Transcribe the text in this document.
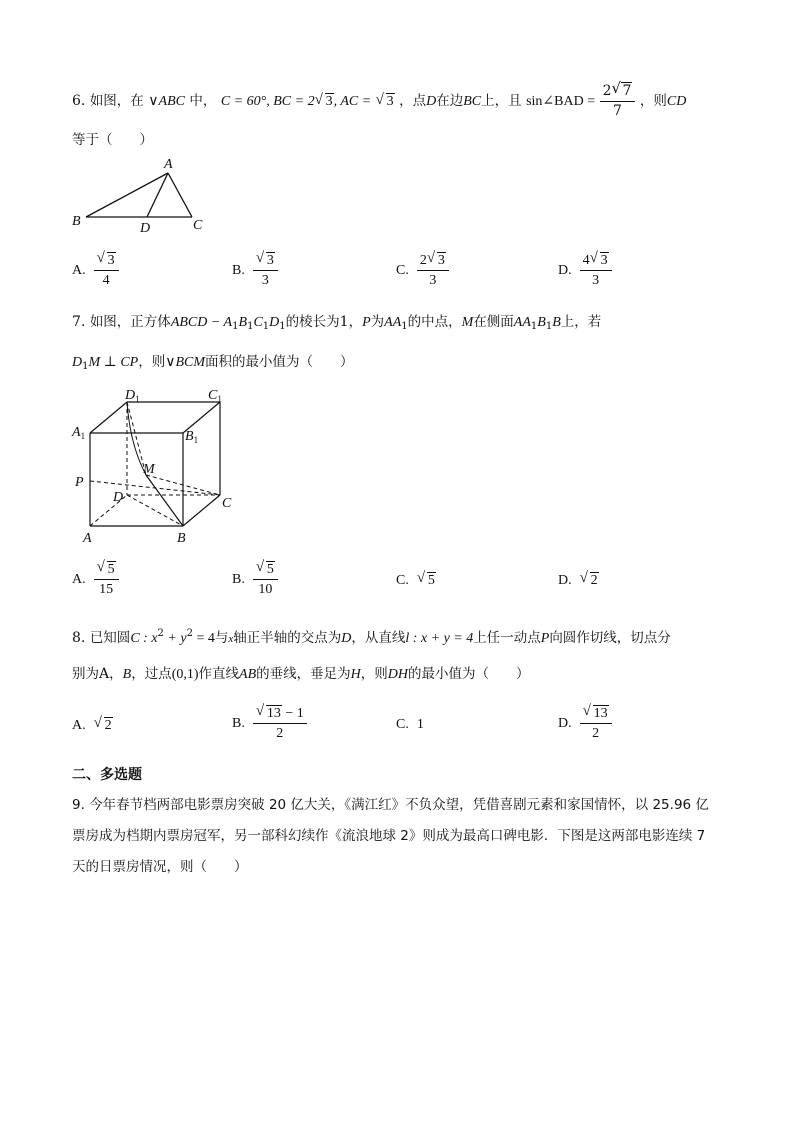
6. 如图，在 ∨ABC 中， C = 60°, BC = 2 √ 3, AC = √ 3 ，点D在边BC上，且 sin∠BAD = $\frac{2 √ 7}{7}$ ，则CD
等于（　　）
A
B	C
D
A. $\frac{√ 3}{4}$	B. $\frac{√ 3}{3}$	C. $\frac{2 √ 3}{3}$	D. $\frac{4 √ 3}{3}$
7. 如图，正方体ABCD − $A_1B_1C_1D_1$的棱长为1，P为$AA_1$的中点，M在侧面$AA_1B_1B$上，若
$D_1M$ ⊥ CP，则∨BCM面积的最小值为（　　）
$D_1$	$C_1$
$A_1$	$B_1$
M
P
D	C
A	B
A. $\frac{√ 5}{15}$	B. $\frac{√ 5}{10}$	C. √ 5	D. √ 2
8. 已知圆C : $x^2 + y^2 = 4$与x轴正半轴的交点为D，从直线l : x + y = 4上任一动点P向圆作切线，切点分
别为A，B，过点(0,1)作直线AB的垂线，垂足为H，则DH的最小值为（　　）
A. √ 2	B. $\frac{√ 13 - 1}{2}$	C. 1	D. $\frac{√ 13}{2}$
二、多选题
9. 今年春节档两部电影票房突破 20 亿大关，《满江红》不负众望，凭借喜剧元素和家国情怀，以 25.96 亿
票房成为档期内票房冠军，另一部科幻续作《流浪地球 2》则成为最高口碑电影．下图是这两部电影连续 7
天的日票房情况，则（　　）
